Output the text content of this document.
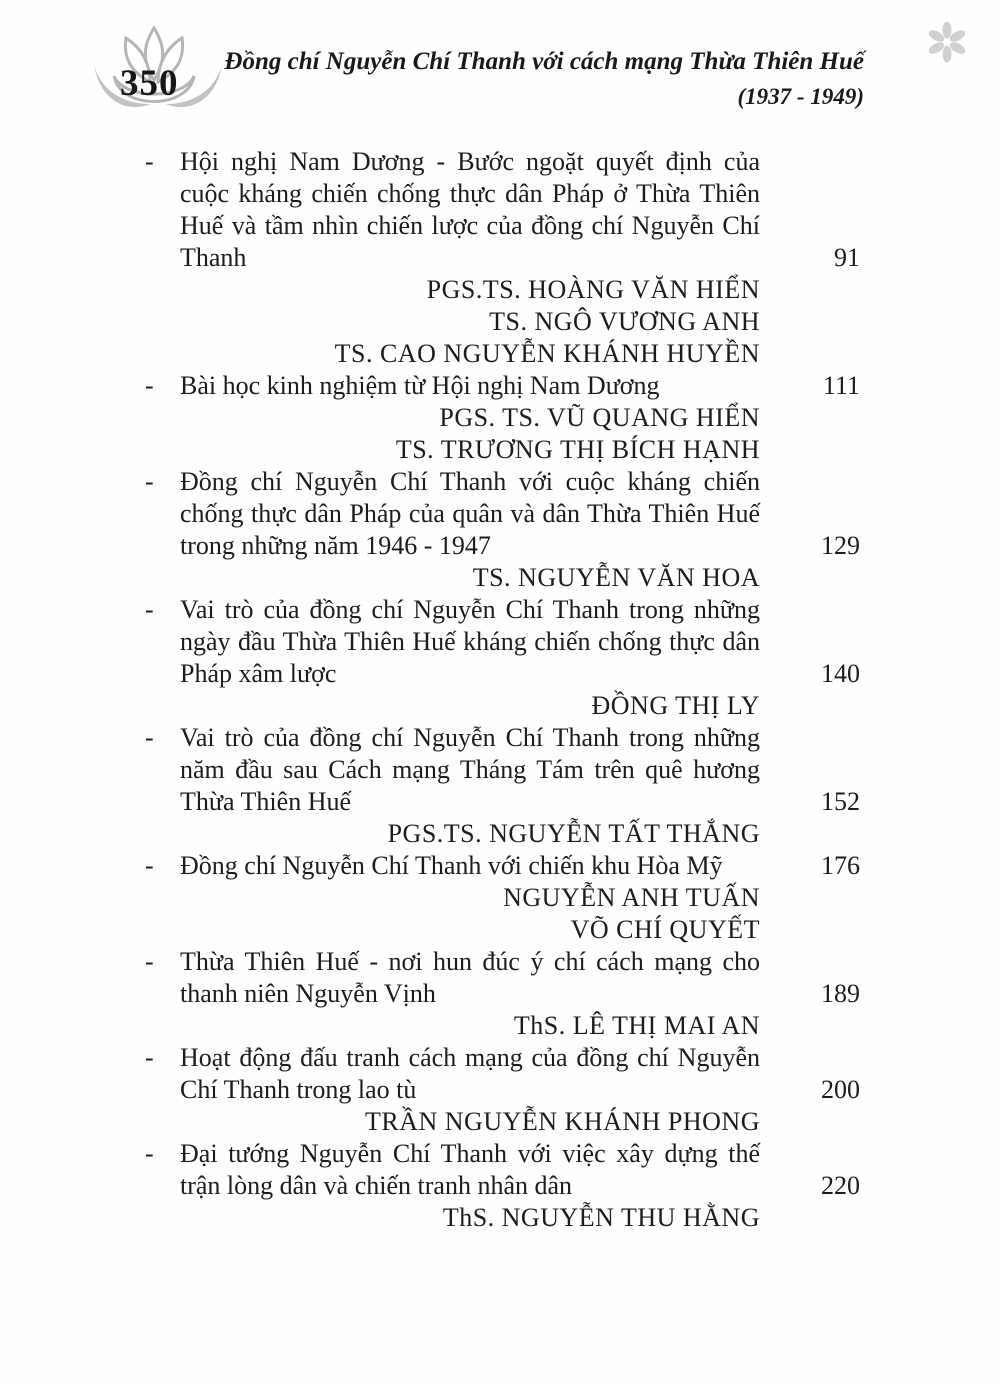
350
Đồng chí Nguyễn Chí Thanh với cách mạng Thừa Thiên Huế
(1937 - 1949)
-	Hội nghị Nam Dương - Bước ngoặt quyết định của cuộc kháng chiến chống thực dân Pháp ở Thừa Thiên Huế và tầm nhìn chiến lược của đồng chí Nguyễn Chí Thanh	91
PGS.TS. HOÀNG VĂN HIỂN
TS. NGÔ VƯƠNG ANH
TS. CAO NGUYỄN KHÁNH HUYỀN
-	Bài học kinh nghiệm từ Hội nghị Nam Dương	111
PGS. TS. VŨ QUANG HIỂN
TS. TRƯƠNG THỊ BÍCH HẠNH
-	Đồng chí Nguyễn Chí Thanh với cuộc kháng chiến chống thực dân Pháp của quân và dân Thừa Thiên Huế trong những năm 1946 - 1947	129
TS. NGUYỄN VĂN HOA
-	Vai trò của đồng chí Nguyễn Chí Thanh trong những ngày đầu Thừa Thiên Huế kháng chiến chống thực dân Pháp xâm lược	140
ĐỒNG THỊ LY
-	Vai trò của đồng chí Nguyễn Chí Thanh trong những năm đầu sau Cách mạng Tháng Tám trên quê hương Thừa Thiên Huế	152
PGS.TS. NGUYỄN TẤT THẮNG
-	Đồng chí Nguyễn Chí Thanh với chiến khu Hòa Mỹ	176
NGUYỄN ANH TUẤN
VÕ CHÍ QUYẾT
-	Thừa Thiên Huế - nơi hun đúc ý chí cách mạng cho thanh niên Nguyễn Vịnh	189
ThS. LÊ THỊ MAI AN
-	Hoạt động đấu tranh cách mạng của đồng chí Nguyễn Chí Thanh trong lao tù	200
TRẦN NGUYỄN KHÁNH PHONG
-	Đại tướng Nguyễn Chí Thanh với việc xây dựng thế trận lòng dân và chiến tranh nhân dân	220
ThS. NGUYỄN THU HẰNG
